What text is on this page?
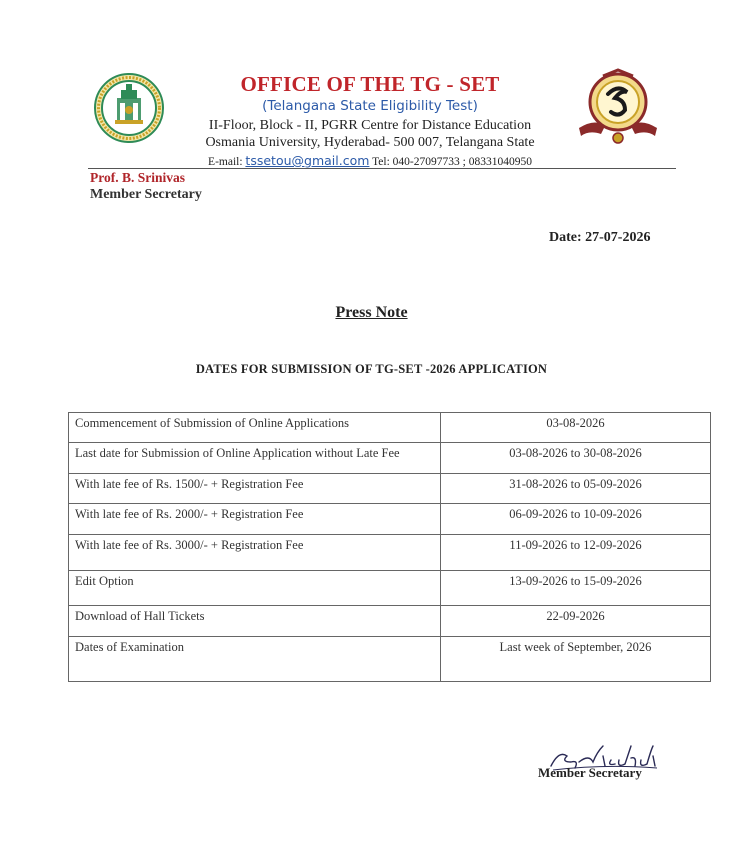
OFFICE OF THE TG - SET
(Telangana State Eligibility Test)
II-Floor, Block - II, PGRR Centre for Distance Education
Osmania University, Hyderabad- 500 007, Telangana State
E-mail: tssetou@gmail.com Tel: 040-27097733 ; 08331040950
Prof. B. Srinivas
Member Secretary
Date: 27-07-2026
Press Note
DATES FOR SUBMISSION OF TG-SET -2026 APPLICATION
Commencement of Submission of Online Applications	03-08-2026
Last date for Submission of Online Application without Late Fee	03-08-2026 to 30-08-2026
With late fee of Rs. 1500/- + Registration Fee	31-08-2026 to 05-09-2026
With late fee of Rs. 2000/- + Registration Fee	06-09-2026 to 10-09-2026
With late fee of Rs. 3000/- + Registration Fee	11-09-2026 to 12-09-2026
Edit Option	13-09-2026 to 15-09-2026
Download of Hall Tickets	22-09-2026
Dates of Examination	Last week of September, 2026
Member Secretary
